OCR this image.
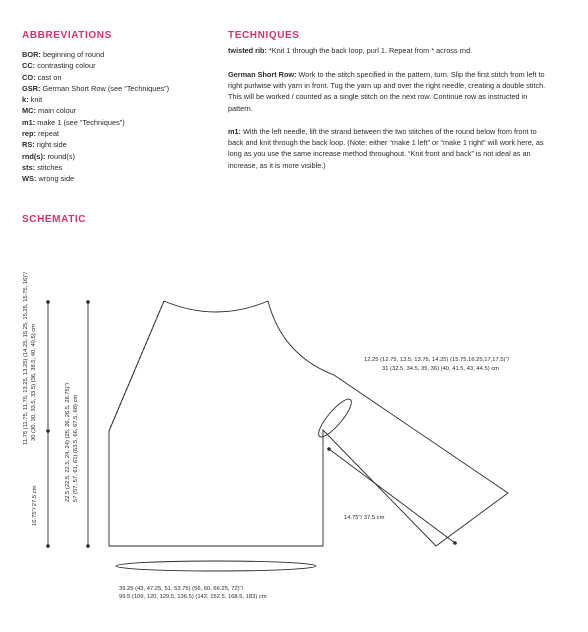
ABBREVIATIONS
BOR: beginning of round
CC: contrasting colour
CO: cast on
GSR: German Short Row (see “Techniques”)
k: knit
MC: main colour
m1: make 1 (see “Techniques”)
rep: repeat
RS: right side
rnd(s): round(s)
sts: stitches
WS: wrong side
TECHNIQUES

twisted rib: *Knit 1 through the back loop, purl 1. Repeat from * across rnd.

German Short Row: Work to the stitch specified in the pattern, turn. Slip the first stitch from left to right purlwise with yarn in front. Tug the yarn up and over the right needle, creating a double stitch. This will be worked / counted as a single stitch on the next row. Continue row as instructed in pattern.

m1: With the left needle, lift the strand between the two stitches of the round below from front to back and knit through the back loop. (Note: either “make 1 left” or “make 1 right” will work here, as long as you use the same increase method throughout. “Knit front and back” is not ideal as an increase, as it is more visible.)

SCHEMATIC
11.75 (11.75, 11.75, 13.25, 13.25) (14.25, 15.25, 15.25, 15.75, 16)"/ 30 (30, 30, 33.5, 33.5) (36, 38.5, 40, 40.5) cm
10.75"/ 27.5 cm
22.5 (22.5, 22.5, 24, 24) (25, 26, 26.5, 26.75)"/ 57 (57, 57, 61, 61) (63.5, 66, 67.5, 68) cm
12.25 (12.75, 13.5, 13.75, 14.25) (15.75,16.25,17,17.5)"/
31 (32.5, 34.5, 35, 36) (40, 41.5, 43, 44.5) cm
14.75"/ 37.5 cm
39.25 (43, 47.25, 51, 53.75) (56, 60, 66.25, 72)"/
99.5 (109, 120, 129.5, 136.5) (142, 152.5, 168.5, 183) cm
